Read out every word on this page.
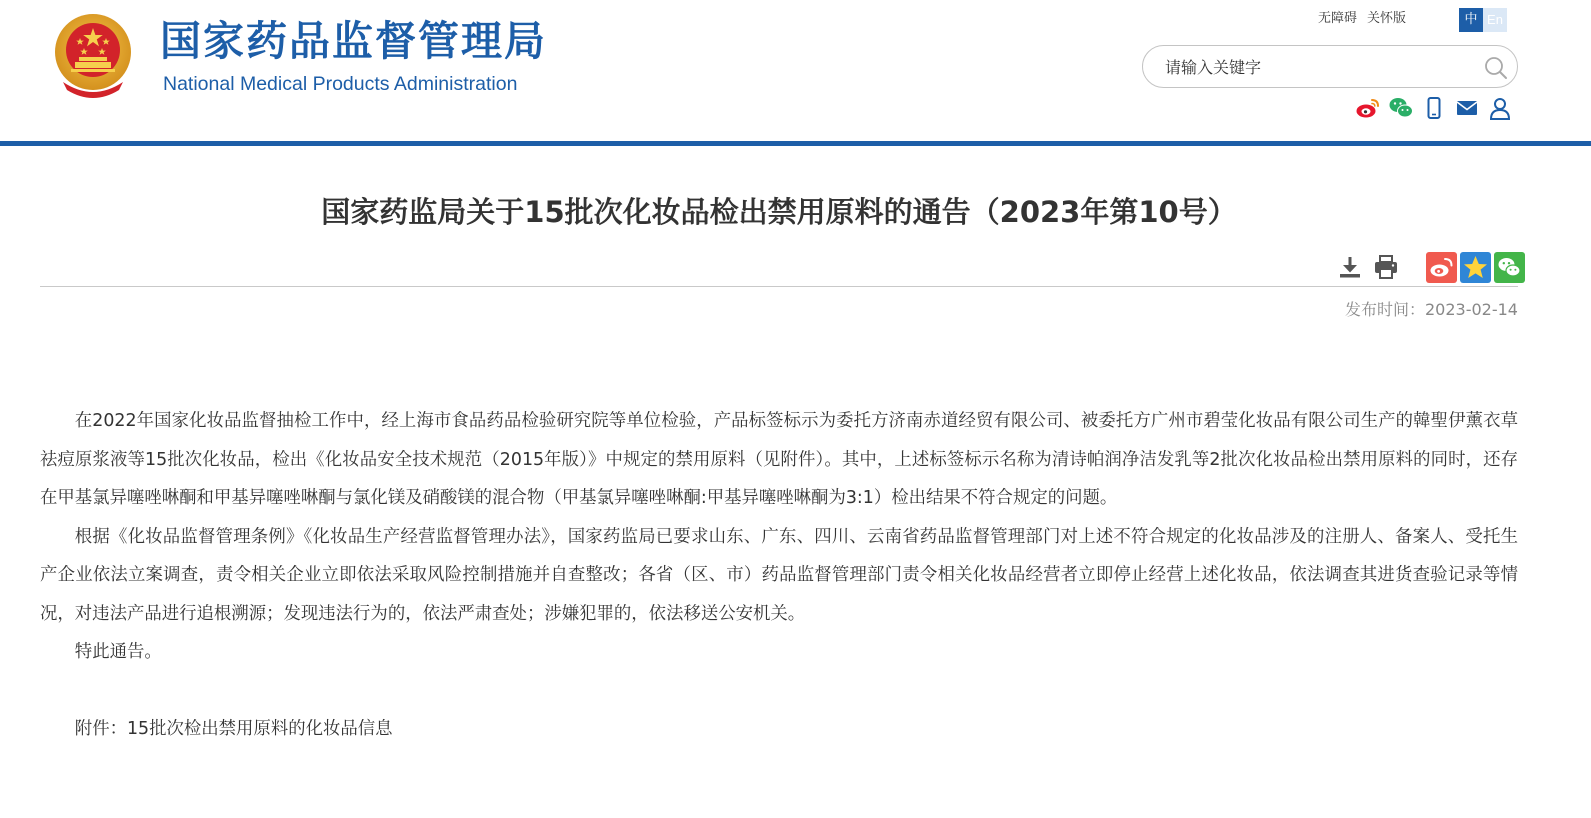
国家药品监督管理局
National Medical Products Administration
无障碍 关怀版	中 En
请输入关键字
国家药监局关于15批次化妆品检出禁用原料的通告（2023年第10号）
发布时间：2023-02-14

在2022年国家化妆品监督抽检工作中，经上海市食品药品检验研究院等单位检验，产品标签标示为委托方济南赤道经贸有限公司、被委托方广州市碧莹化妆品有限公司生产的韓聖伊薰衣草祛痘原浆液等15批次化妆品，检出《化妆品安全技术规范（2015年版）》中规定的禁用原料（见附件）。其中，上述标签标示名称为清诗帕润净洁发乳等2批次化妆品检出禁用原料的同时，还存在甲基氯异噻唑啉酮和甲基异噻唑啉酮与氯化镁及硝酸镁的混合物（甲基氯异噻唑啉酮:甲基异噻唑啉酮为3:1）检出结果不符合规定的问题。

根据《化妆品监督管理条例》《化妆品生产经营监督管理办法》，国家药监局已要求山东、广东、四川、云南省药品监督管理部门对上述不符合规定的化妆品涉及的注册人、备案人、受托生产企业依法立案调查，责令相关企业立即依法采取风险控制措施并自查整改；各省（区、市）药品监督管理部门责令相关化妆品经营者立即停止经营上述化妆品，依法调查其进货查验记录等情况，对违法产品进行追根溯源；发现违法行为的，依法严肃查处；涉嫌犯罪的，依法移送公安机关。

特此通告。

附件：15批次检出禁用原料的化妆品信息
